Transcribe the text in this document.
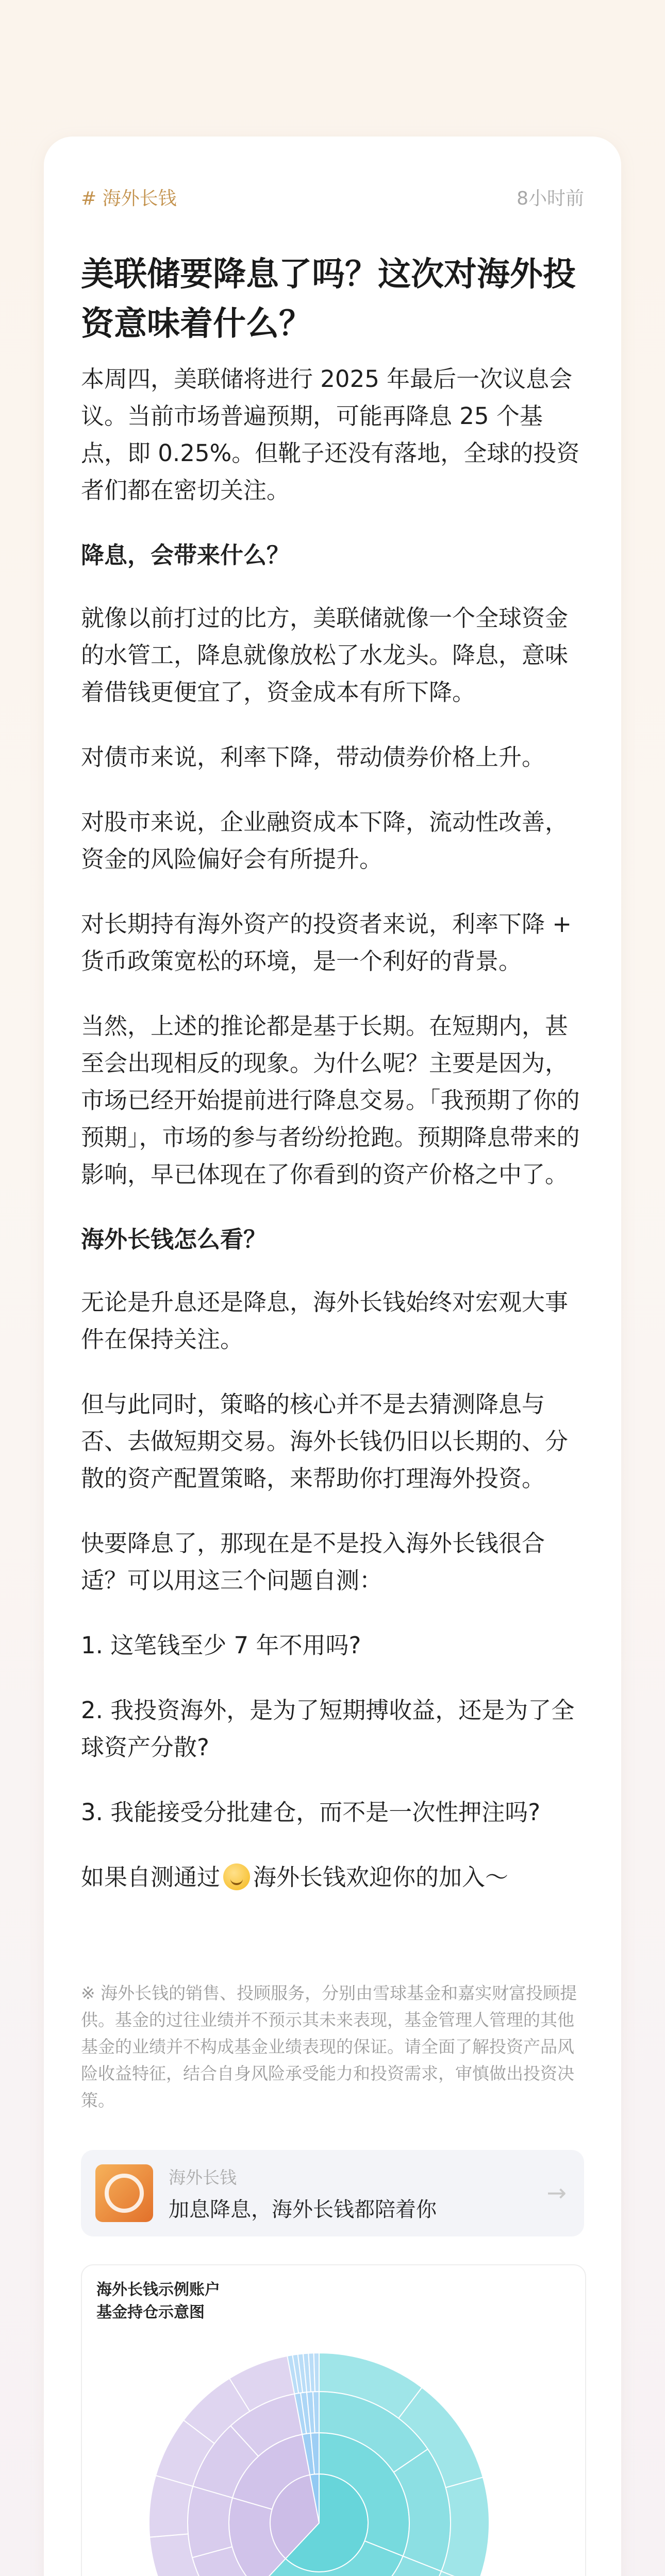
# 海外长钱	8小时前
美联储要降息了吗？这次对海外投资意味着什么？

本周四，美联储将进行 2025 年最后一次议息会议。当前市场普遍预期，可能再降息 25 个基点，即 0.25%。但靴子还没有落地，全球的投资者们都在密切关注。

降息，会带来什么？

就像以前打过的比方，美联储就像一个全球资金的水管工，降息就像放松了水龙头。降息，意味着借钱更便宜了，资金成本有所下降。

对债市来说，利率下降，带动债券价格上升。

对股市来说，企业融资成本下降，流动性改善，资金的风险偏好会有所提升。

对长期持有海外资产的投资者来说，利率下降 + 货币政策宽松的环境，是一个利好的背景。

当然，上述的推论都是基于长期。在短期内，甚至会出现相反的现象。为什么呢？主要是因为，市场已经开始提前进行降息交易。「我预期了你的预期」，市场的参与者纷纷抢跑。预期降息带来的影响，早已体现在了你看到的资产价格之中了。

海外长钱怎么看？

无论是升息还是降息，海外长钱始终对宏观大事件在保持关注。

但与此同时，策略的核心并不是去猜测降息与否、去做短期交易。海外长钱仍旧以长期的、分散的资产配置策略，来帮助你打理海外投资。

快要降息了，那现在是不是投入海外长钱很合适？可以用这三个问题自测：

1. 这笔钱至少 7 年不用吗?

2. 我投资海外，是为了短期搏收益，还是为了全球资产分散?

3. 我能接受分批建仓，而不是一次性押注吗?

如果自测通过 海外长钱欢迎你的加入～

※ 海外长钱的销售、投顾服务，分别由雪球基金和嘉实财富投顾提供。基金的过往业绩并不预示其未来表现，基金管理人管理的其他基金的业绩并不构成基金业绩表现的保证。请全面了解投资产品风险收益特征，结合自身风险承受能力和投资需求，审慎做出投资决策。

海外长钱
加息降息，海外长钱都陪着你
→
海外长钱示例账户
基金持仓示意图
